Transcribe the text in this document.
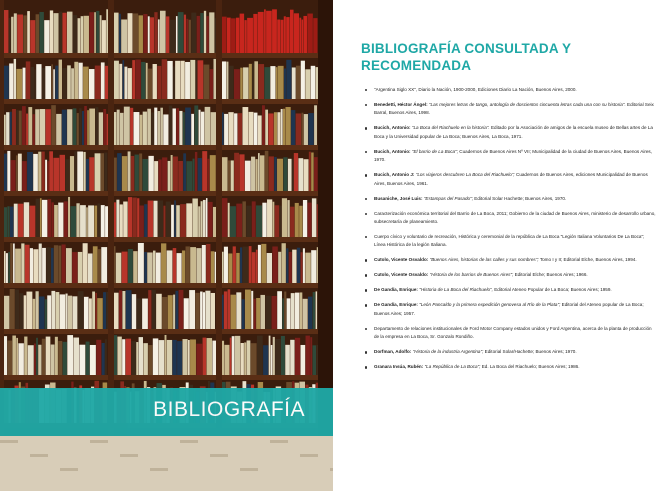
BIBLIOGRAFÍA
BIBLIOGRAFÍA CONSULTADA Y RECOMENDADA
"Argentina Siglo XX", Diario la Nación, 1900-2000, Ediciones Diario La Nación, Buenos Aires, 2000.
Benedetti, Héctor Ángel: "Las mejores letras de tango, antología de doscientos cincuenta letras cada una con su historia". Editorial Seix Barral, Buenos Aires, 1998.
Bucich, Antonio: "La Boca del Riachuelo en la historia". Editado por la Asociación de amigos de la escuela museo de Bellas artes de La Boca y la Universidad popular de La Boca; Buenos Aires, La Boca, 1971.
Bucich, Antonio: "El barrio de La Boca"; Cuadernos de Buenos Aires Nº VII; Municipalidad de la ciudad de Buenos Aires, Buenos Aires, 1970.
Bucich, Antonio J: "Los viajeros descubren La Boca del Riachuelo"; Cuadernos de Buenos Aires, ediciones Municipalidad de Buenos Aires, Buenos Aires, 1961.
Busaniche, José Luis: "Estampas del Pasado"; Editorial Solar Hachette; Buenos Aires, 1970.
Caracterización económica territorial del Barrio de La Boca, 2011; Gobierno de la ciudad de Buenos Aires, ministerio de desarrollo urbano, subsecretaría de planeamiento.
Cuerpo cívico y voluntario de recreación, Histórica y ceremonial de la república de La Boca "Legión Italiana Voluntarios De La Boca"; Línea Histórica de la legión Italiana.
Cutolo, Vicente Osvaldo: "Buenos Aires, historias de las calles y sus nombres"; Tomo I y II; Editorial Elche, Buenos Aires, 1994.
Cutolo, Vicente Osvaldo: "Historia de los barrios de Buenos Aires"; Editorial Elche; Buenos Aires; 1966.
De Gandía, Enrique: "Historia de La Boca del Riachuelo", Editorial Ateneo Popular de La Boca; Buenos Aires; 1959.
De Gandía, Enrique: "León Pancaldo y la primera expedición genovesa al Río de la Plata"; Editorial del Ateneo popular de La Boca; Buenos Aires; 1957.
Departamento de relaciones institucionales de Ford Motor Company estados unidos y Ford Argentina, acerca de la planta de producción de la empresa en La Boca, Sr. Gonzalo Rondiño.
Dorfman, Adolfo: "Historia de la industria Argentina"; Editorial Solar/Hachette; Buenos Aires; 1970.
Granara Insúa, Rubén: "La República de La Boca"; Ed. La Boca del Riachuelo; Buenos Aires; 1986.
